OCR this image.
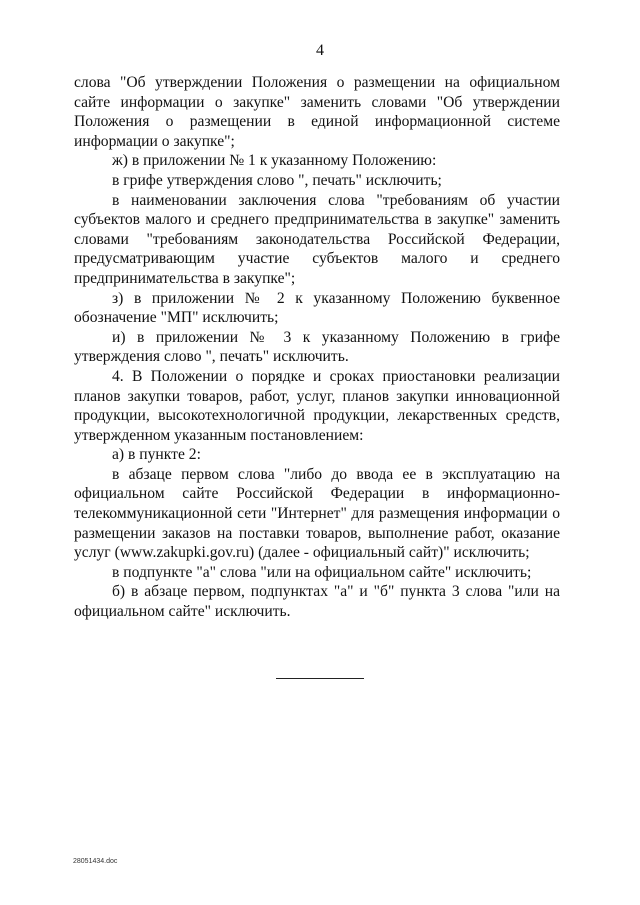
4

слова "Об утверждении Положения о размещении на официальном сайте информации о закупке" заменить словами "Об утверждении Положения о размещении в единой информационной системе информации о закупке";

ж) в приложении № 1 к указанному Положению:

в грифе утверждения слово ", печать" исключить;

в наименовании заключения слова "требованиям об участии субъектов малого и среднего предпринимательства в закупке" заменить словами "требованиям законодательства Российской Федерации, предусматривающим участие субъектов малого и среднего предпринимательства в закупке";

з) в приложении № 2 к указанному Положению буквенное обозначение "МП" исключить;

и) в приложении № 3 к указанному Положению в грифе утверждения слово ", печать" исключить.

4. В Положении о порядке и сроках приостановки реализации планов закупки товаров, работ, услуг, планов закупки инновационной продукции, высокотехнологичной продукции, лекарственных средств, утвержденном указанным постановлением:

а) в пункте 2:

в абзаце первом слова "либо до ввода ее в эксплуатацию на официальном сайте Российской Федерации в информационно-телекоммуникационной сети "Интернет" для размещения информации о размещении заказов на поставки товаров, выполнение работ, оказание услуг (www.zakupki.gov.ru) (далее - официальный сайт)" исключить;

в подпункте "а" слова "или на официальном сайте" исключить;

б) в абзаце первом, подпунктах "а" и "б" пункта 3 слова "или на официальном сайте" исключить.

28051434.doc
